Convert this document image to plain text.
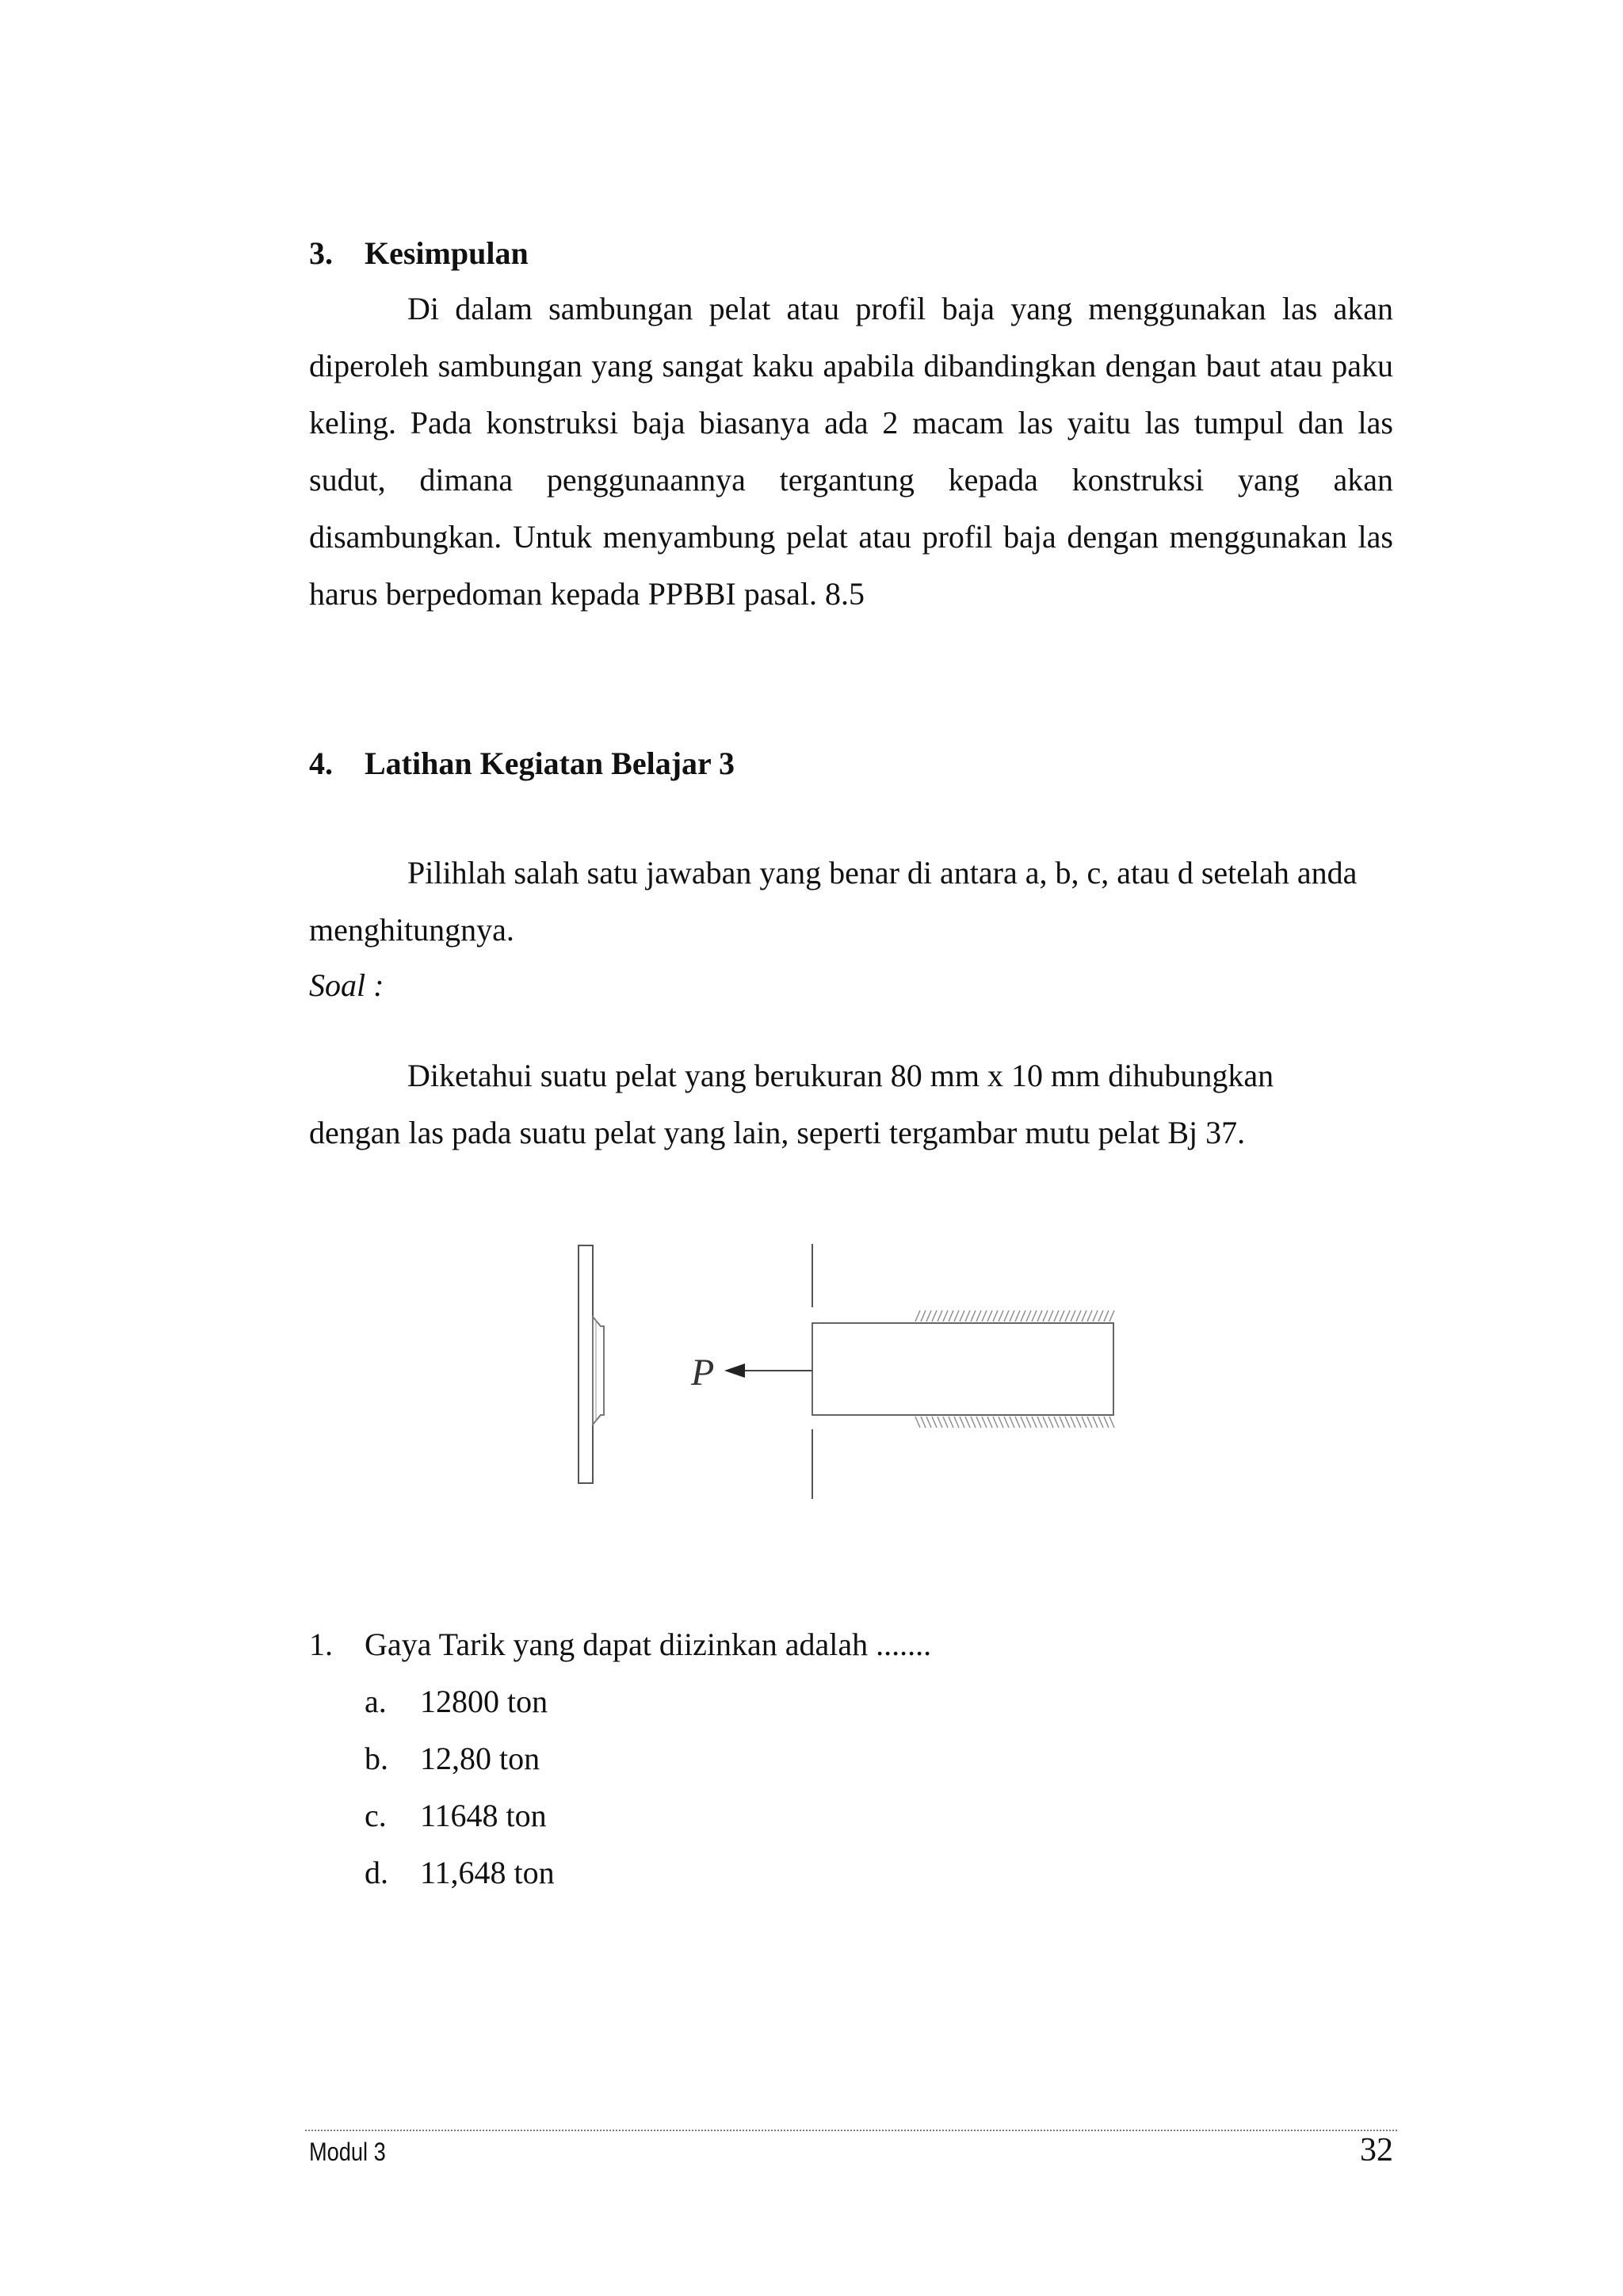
3. Kesimpulan

Di dalam sambungan pelat atau profil baja yang menggunakan las akan diperoleh sambungan yang sangat kaku apabila dibandingkan dengan baut atau paku keling. Pada konstruksi baja biasanya ada 2 macam las yaitu las tumpul dan las sudut, dimana penggunaannya tergantung kepada konstruksi yang akan disambungkan. Untuk menyambung pelat atau profil baja dengan menggunakan las harus berpedoman kepada PPBBI pasal. 8.5

4. Latihan Kegiatan Belajar 3

Pilihlah salah satu jawaban yang benar di antara a, b, c, atau d setelah anda

menghitungnya.

Soal :

Diketahui suatu pelat yang berukuran 80 mm x 10 mm dihubungkan

dengan las pada suatu pelat yang lain, seperti tergambar mutu pelat Bj 37.

P
1. Gaya Tarik yang dapat diizinkan adalah .......
a. 12800 ton
b. 12,80 ton
c. 11648 ton
d. 11,648 ton
Modul 3	32
